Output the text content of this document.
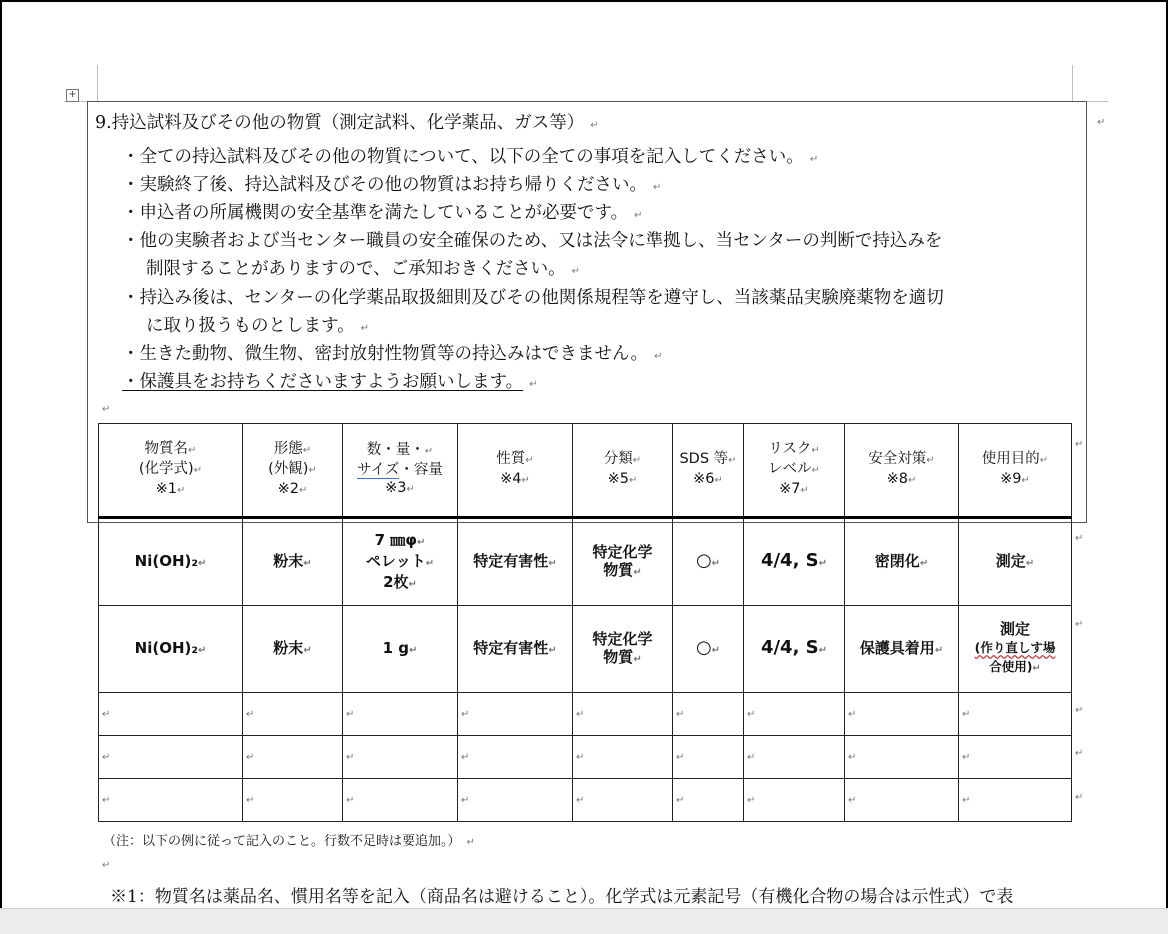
+
↵
9.持込試料及びその他の物質（測定試料、化学薬品、ガス等） ↵
・全ての持込試料及びその他の物質について、以下の全ての事項を記入してください。 ↵
・実験終了後、持込試料及びその他の物質はお持ち帰りください。 ↵
・申込者の所属機関の安全基準を満たしていることが必要です。 ↵
・他の実験者および当センター職員の安全確保のため、又は法令に準拠し、当センターの判断で持込みを
制限することがありますので、ご承知おきください。 ↵
・持込み後は、センターの化学薬品取扱細則及びその他関係規程等を遵守し、当該薬品実験廃薬物を適切
に取り扱うものとします。 ↵
・生きた動物、微生物、密封放射性物質等の持込みはできません。 ↵
・保護具をお持ちくださいますようお願いします。 ↵
↵
物質名↵
(化学式)↵
※1↵	形態↵
(外観)↵
※2↵	数・量・↵
サイズ・容量
※3↵	性質↵
※4↵	分類↵
※5↵	SDS 等↵
※6↵	リスク↵
レベル↵
※7↵	安全対策↵
※8↵	使用目的↵
※9↵
Ni(OH)₂↵	粉末↵	7 ㎜φ↵
ペレット↵
2枚↵	特定有害性↵	特定化学
物質↵	○↵	4/4, S↵	密閉化↵	測定↵
Ni(OH)₂↵	粉末↵	1 g↵	特定有害性↵	特定化学
物質↵	○↵	4/4, S↵	保護具着用↵	測定
(作り直しす場
合使用)↵
↵	↵	↵	↵	↵	↵	↵	↵	↵
↵	↵	↵	↵	↵	↵	↵	↵	↵
↵	↵	↵	↵	↵	↵	↵	↵	↵
↵
↵
↵
↵
↵
↵
（注：以下の例に従って記入のこと。行数不足時は要追加。） ↵
↵
※1：物質名は薬品名、慣用名等を記入（商品名は避けること）。化学式は元素記号（有機化合物の場合は示性式）で表
